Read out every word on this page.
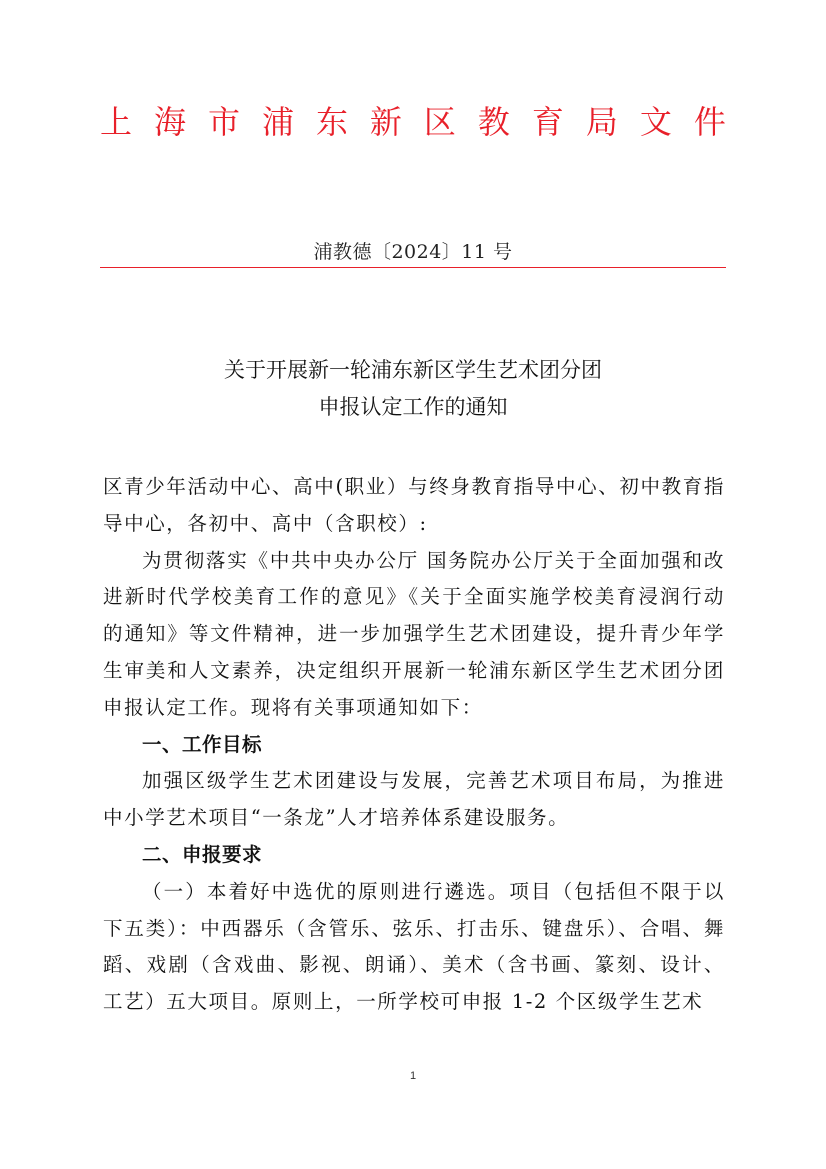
上 海 市 浦 东 新 区 教 育 局 文 件
浦教德〔2024〕11 号
关于开展新一轮浦东新区学生艺术团分团
申报认定工作的通知

区青少年活动中心、高中(职业）与终身教育指导中心、初中教育指导中心，各初中、高中（含职校）:

为贯彻落实《中共中央办公厅 国务院办公厅关于全面加强和改进新时代学校美育工作的意见》《关于全面实施学校美育浸润行动的通知》等文件精神，进一步加强学生艺术团建设，提升青少年学生审美和人文素养，决定组织开展新一轮浦东新区学生艺术团分团申报认定工作。现将有关事项通知如下：

一、工作目标

加强区级学生艺术团建设与发展，完善艺术项目布局，为推进中小学艺术项目“一条龙”人才培养体系建设服务。

二、申报要求

（一）本着好中选优的原则进行遴选。项目（包括但不限于以下五类）：中西器乐（含管乐、弦乐、打击乐、键盘乐）、合唱、舞蹈、戏剧（含戏曲、影视、朗诵）、美术（含书画、篆刻、设计、工艺）五大项目。原则上，一所学校可申报 1-2 个区级学生艺术

1
